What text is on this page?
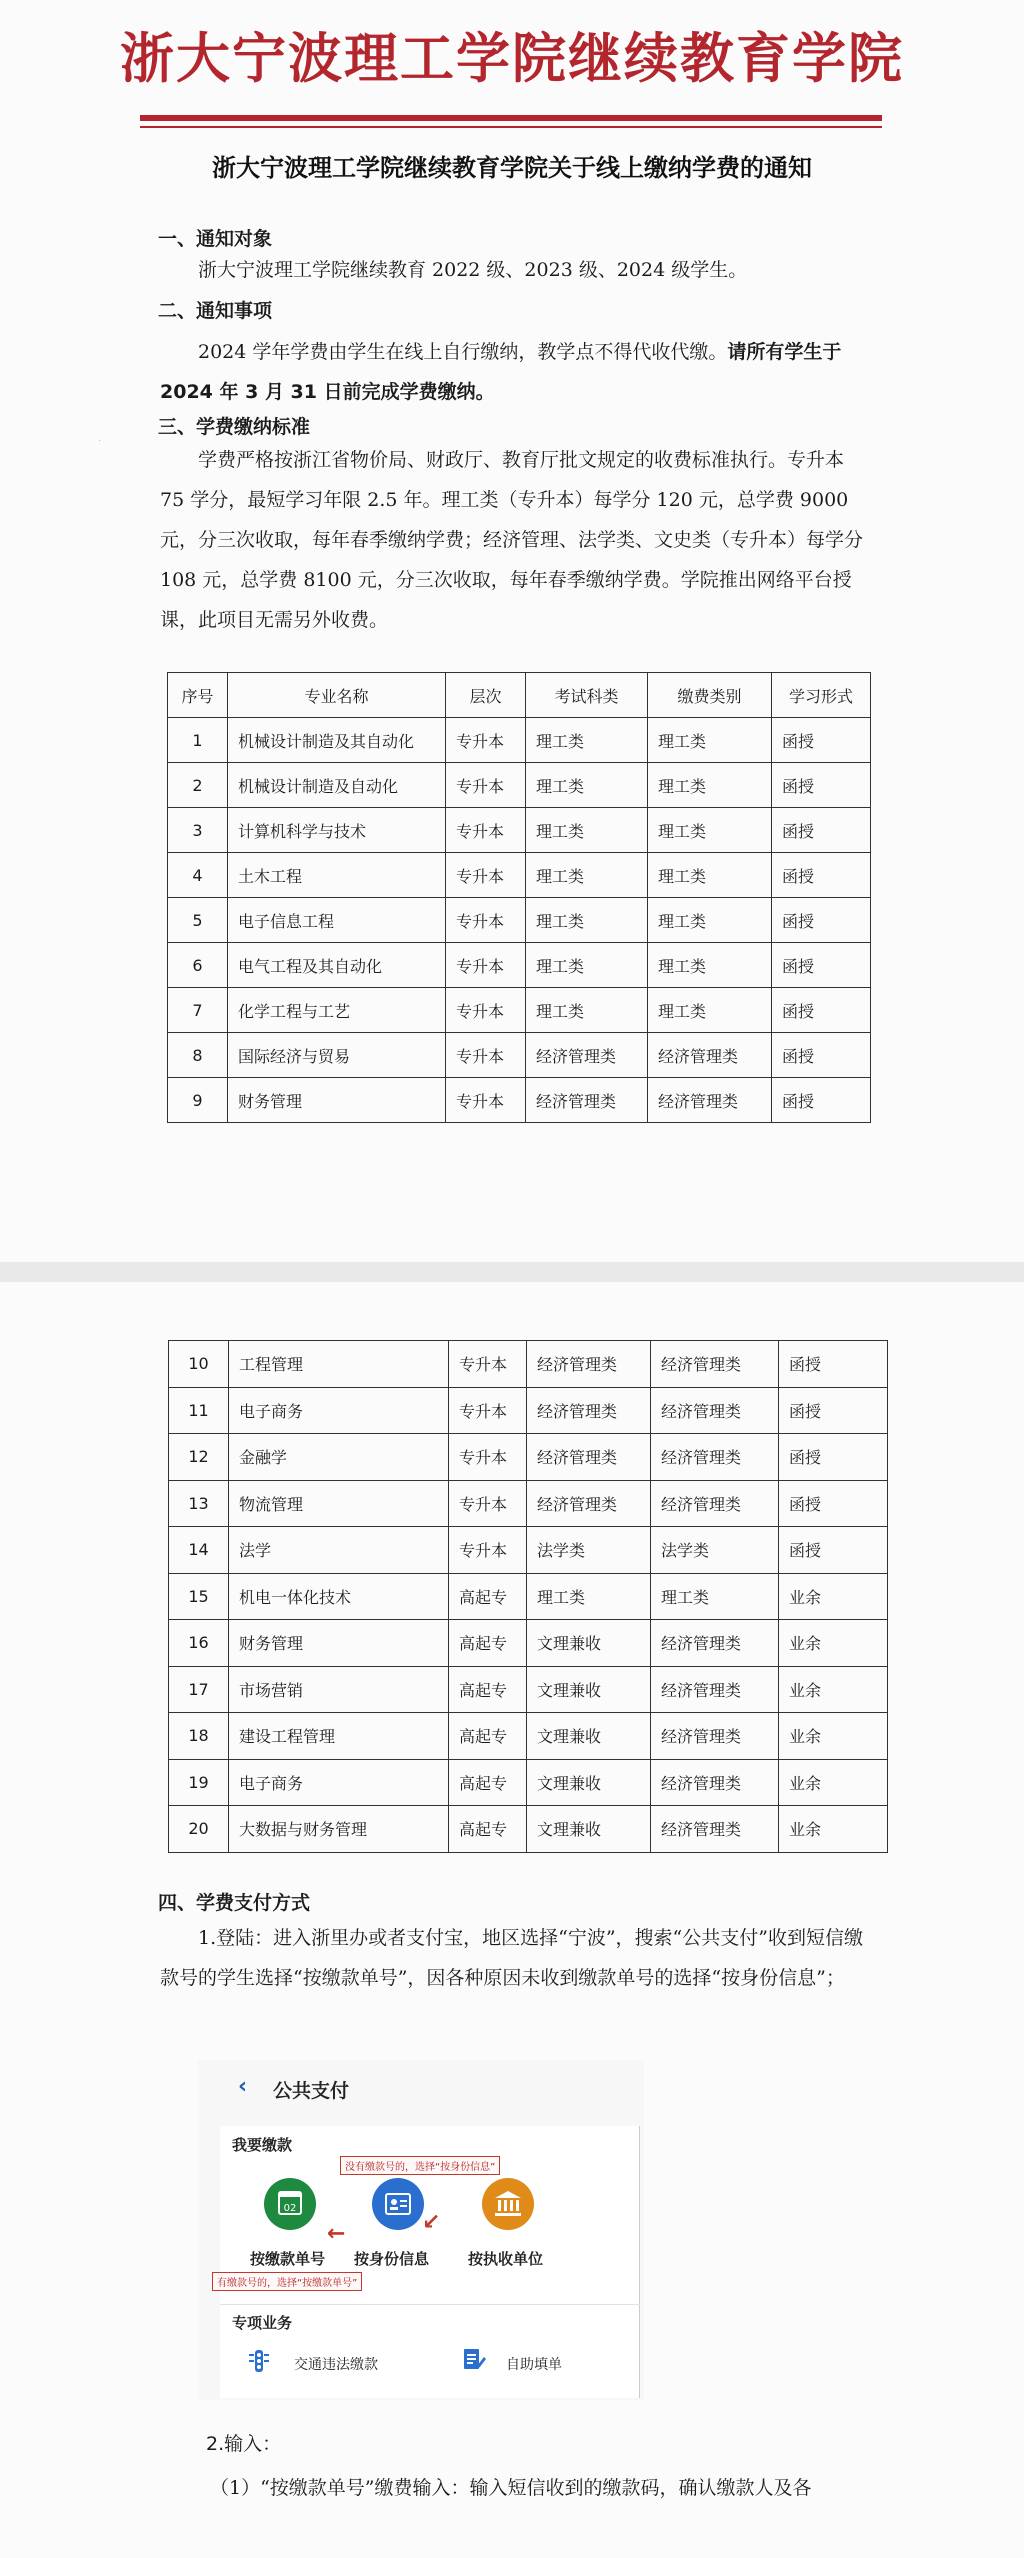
浙大宁波理工学院继续教育学院
浙大宁波理工学院继续教育学院关于线上缴纳学费的通知
一、通知对象
浙大宁波理工学院继续教育 2022 级、2023 级、2024 级学生。
二、通知事项
2024 学年学费由学生在线上自行缴纳，教学点不得代收代缴。请所有学生于 2024 年 3 月 31 日前完成学费缴纳。
三、学费缴纳标准
学费严格按浙江省物价局、财政厅、教育厅批文规定的收费标准执行。专升本 75 学分，最短学习年限 2.5 年。理工类（专升本）每学分 120 元，总学费 9000 元，分三次收取，每年春季缴纳学费；经济管理、法学类、文史类（专升本）每学分 108 元，总学费 8100 元，分三次收取，每年春季缴纳学费。学院推出网络平台授课，此项目无需另外收费。
·
序号	专业名称	层次	考试科类	缴费类别	学习形式
1	机械设计制造及其自动化	专升本	理工类	理工类	函授
2	机械设计制造及自动化	专升本	理工类	理工类	函授
3	计算机科学与技术	专升本	理工类	理工类	函授
4	土木工程	专升本	理工类	理工类	函授
5	电子信息工程	专升本	理工类	理工类	函授
6	电气工程及其自动化	专升本	理工类	理工类	函授
7	化学工程与工艺	专升本	理工类	理工类	函授
8	国际经济与贸易	专升本	经济管理类	经济管理类	函授
9	财务管理	专升本	经济管理类	经济管理类	函授
10	工程管理	专升本	经济管理类	经济管理类	函授
11	电子商务	专升本	经济管理类	经济管理类	函授
12	金融学	专升本	经济管理类	经济管理类	函授
13	物流管理	专升本	经济管理类	经济管理类	函授
14	法学	专升本	法学类	法学类	函授
15	机电一体化技术	高起专	理工类	理工类	业余
16	财务管理	高起专	文理兼收	经济管理类	业余
17	市场营销	高起专	文理兼收	经济管理类	业余
18	建设工程管理	高起专	文理兼收	经济管理类	业余
19	电子商务	高起专	文理兼收	经济管理类	业余
20	大数据与财务管理	高起专	文理兼收	经济管理类	业余
四、学费支付方式
1.登陆：进入浙里办或者支付宝，地区选择“宁波”，搜索“公共支付”收到短信缴款号的学生选择“按缴款单号”，因各种原因未收到缴款单号的选择“按身份信息”；
‹ 公共支付
我要缴款
没有缴款号的，选择“按身份信息”
02
按缴款单号
↖
有缴款号的，选择“按缴款单号”
按身份信息
↙
按执收单位
专项业务
交通违法缴款	自助填单
2.输入：
（1）“按缴款单号”缴费输入：输入短信收到的缴款码，确认缴款人及各
